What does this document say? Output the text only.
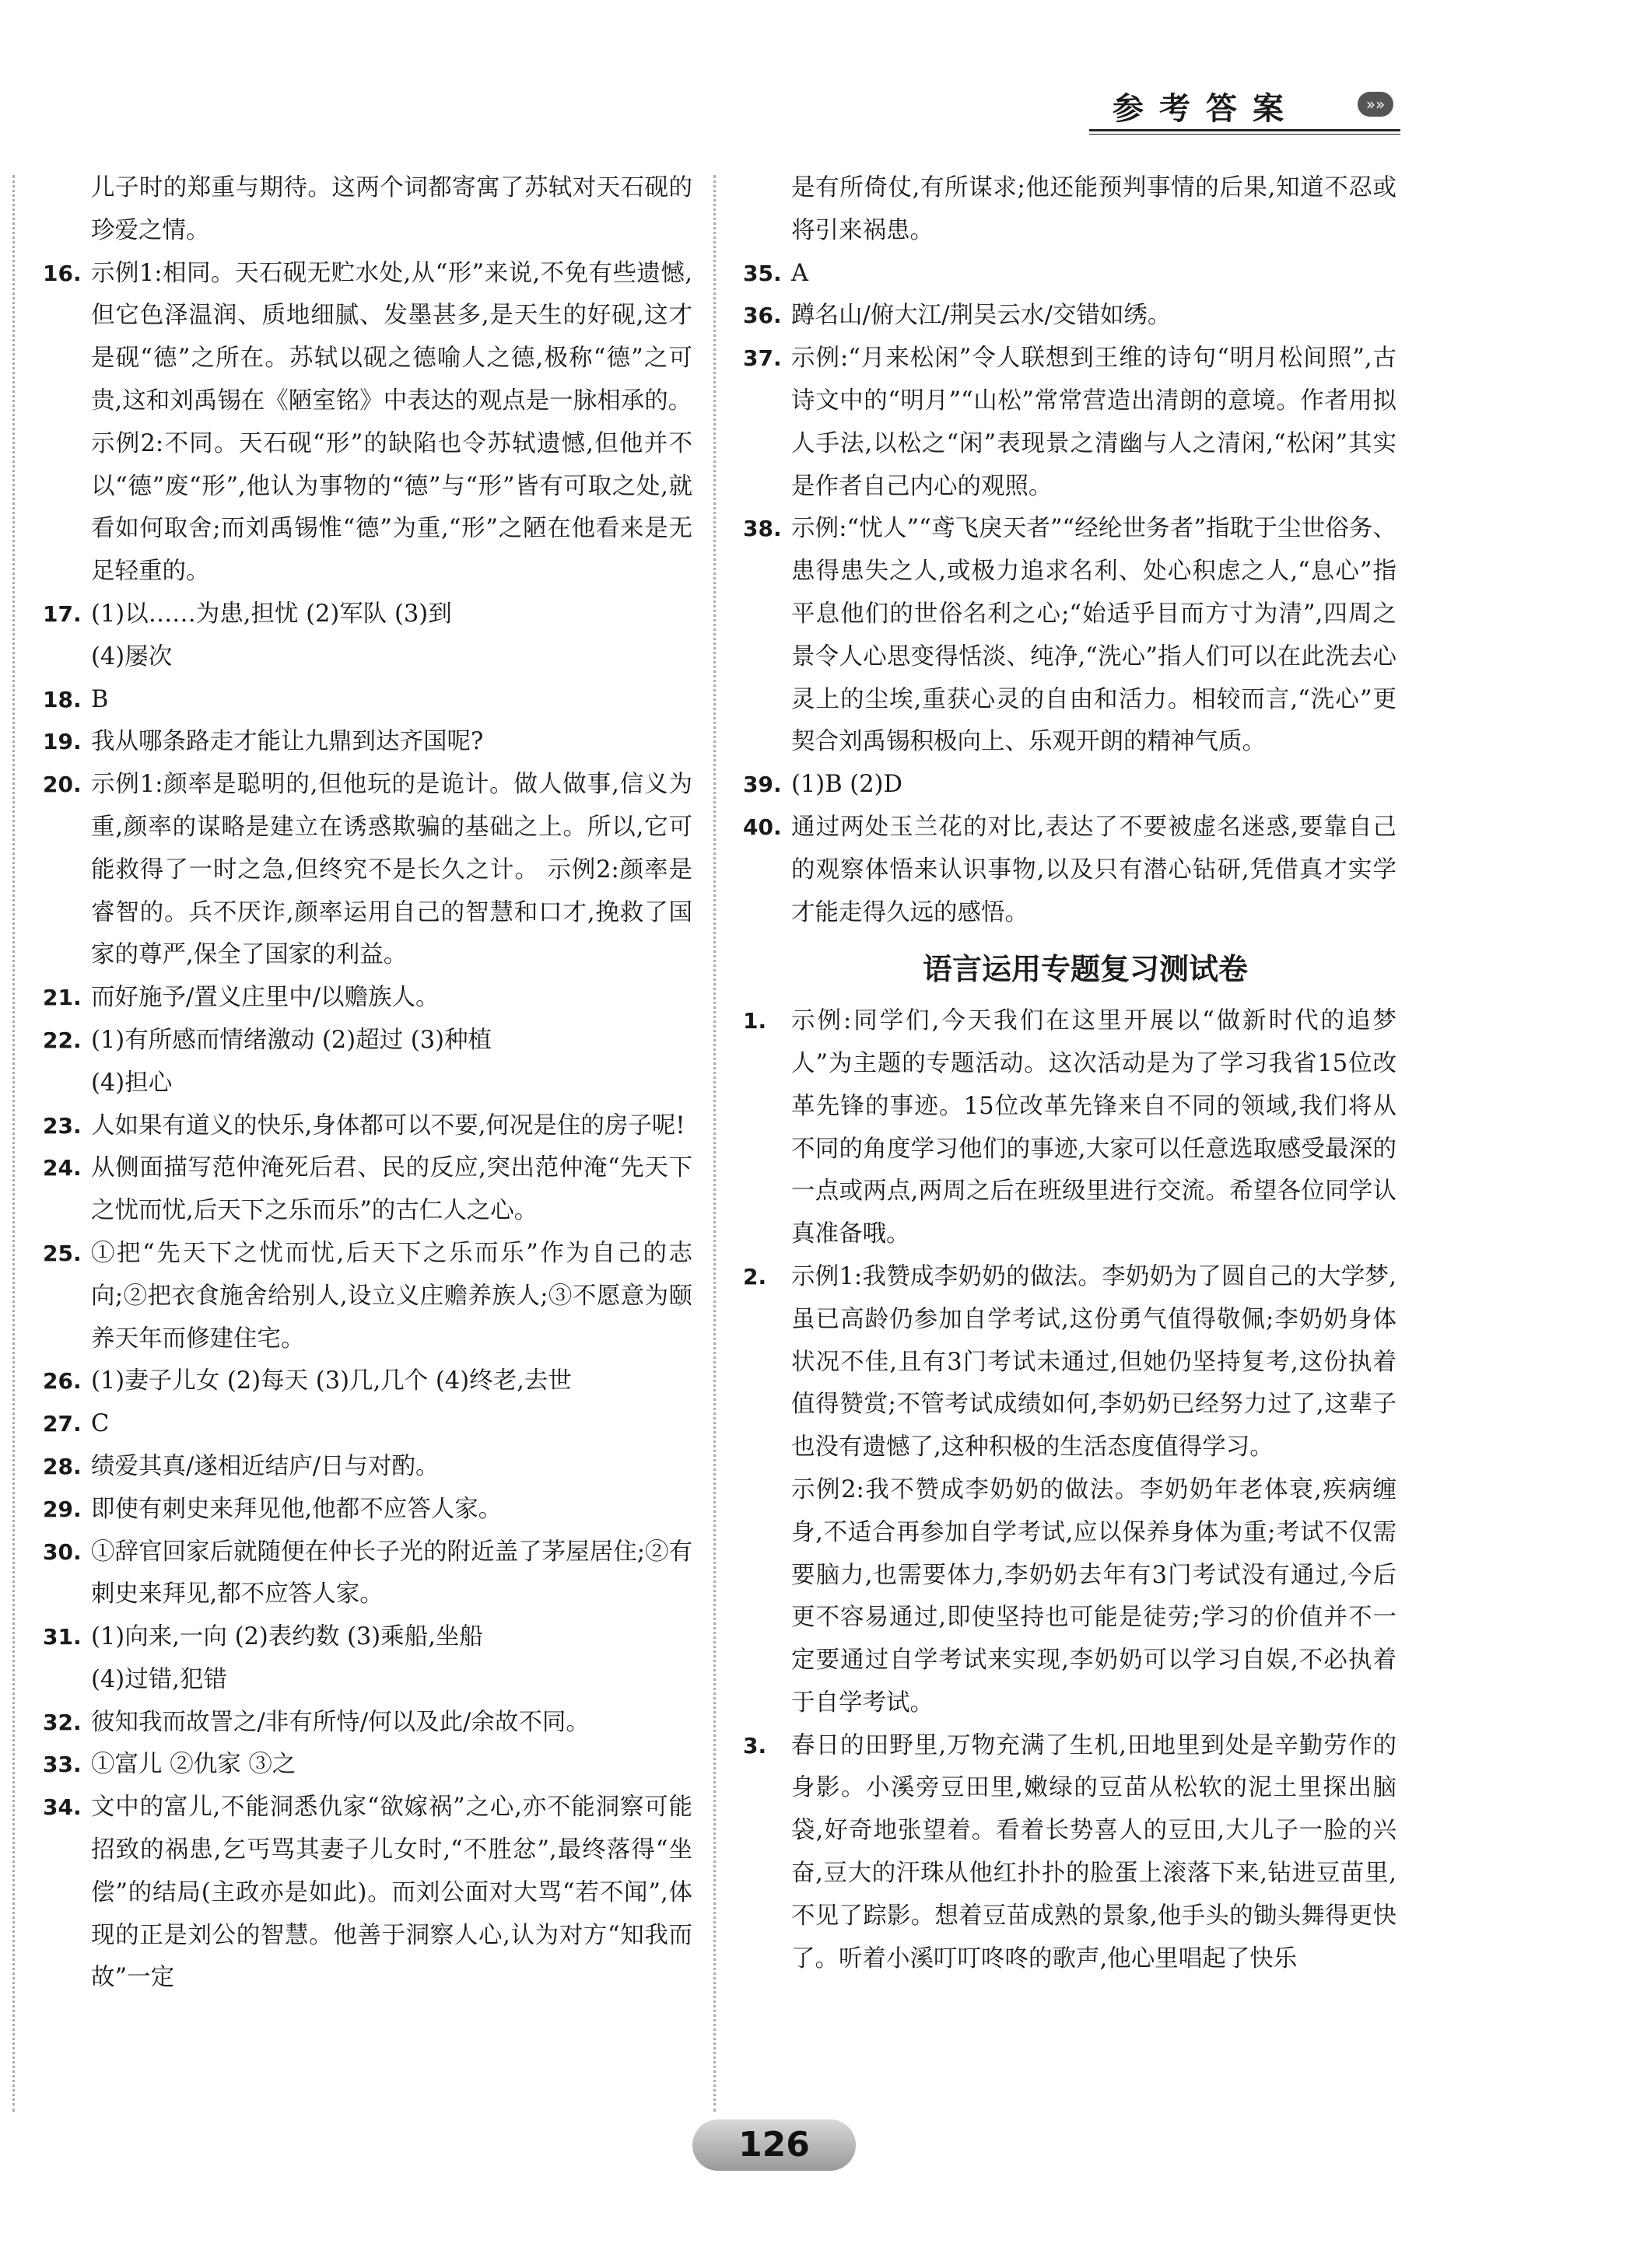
参考答案	»»
儿子时的郑重与期待。这两个词都寄寓了苏轼对天石砚的珍爱之情。
16. 示例1:相同。天石砚无贮水处,从“形”来说,不免有些遗憾,但它色泽温润、质地细腻、发墨甚多,是天生的好砚,这才是砚“德”之所在。苏轼以砚之德喻人之德,极称“德”之可贵,这和刘禹锡在《陋室铭》中表达的观点是一脉相承的。
示例2:不同。天石砚“形”的缺陷也令苏轼遗憾,但他并不以“德”废“形”,他认为事物的“德”与“形”皆有可取之处,就看如何取舍;而刘禹锡惟“德”为重,“形”之陋在他看来是无足轻重的。
17. (1)以……为患,担忧 (2)军队 (3)到
(4)屡次
18. B
19. 我从哪条路走才能让九鼎到达齐国呢?
20. 示例1:颜率是聪明的,但他玩的是诡计。做人做事,信义为重,颜率的谋略是建立在诱惑欺骗的基础之上。所以,它可能救得了一时之急,但终究不是长久之计。 示例2:颜率是睿智的。兵不厌诈,颜率运用自己的智慧和口才,挽救了国家的尊严,保全了国家的利益。
21. 而好施予/置义庄里中/以赡族人。
22. (1)有所感而情绪激动 (2)超过 (3)种植
(4)担心
23. 人如果有道义的快乐,身体都可以不要,何况是住的房子呢!
24. 从侧面描写范仲淹死后君、民的反应,突出范仲淹“先天下之忧而忧,后天下之乐而乐”的古仁人之心。
25. ①把“先天下之忧而忧,后天下之乐而乐”作为自己的志向;②把衣食施舍给别人,设立义庄赡养族人;③不愿意为颐养天年而修建住宅。
26. (1)妻子儿女 (2)每天 (3)几,几个 (4)终老,去世
27. C
28. 绩爱其真/遂相近结庐/日与对酌。
29. 即使有刺史来拜见他,他都不应答人家。
30. ①辞官回家后就随便在仲长子光的附近盖了茅屋居住;②有刺史来拜见,都不应答人家。
31. (1)向来,一向 (2)表约数 (3)乘船,坐船
(4)过错,犯错
32. 彼知我而故詈之/非有所恃/何以及此/余故不同。
33. ①富儿 ②仇家 ③之
34. 文中的富儿,不能洞悉仇家“欲嫁祸”之心,亦不能洞察可能招致的祸患,乞丐骂其妻子儿女时,“不胜忿”,最终落得“坐偿”的结局(主政亦是如此)。而刘公面对大骂“若不闻”,体现的正是刘公的智慧。他善于洞察人心,认为对方“知我而故”一定
是有所倚仗,有所谋求;他还能预判事情的后果,知道不忍或将引来祸患。
35. A
36. 蹲名山/俯大江/荆吴云水/交错如绣。
37. 示例:“月来松闲”令人联想到王维的诗句“明月松间照”,古诗文中的“明月”“山松”常常营造出清朗的意境。作者用拟人手法,以松之“闲”表现景之清幽与人之清闲,“松闲”其实是作者自己内心的观照。
38. 示例:“忧人”“鸢飞戾天者”“经纶世务者”指耽于尘世俗务、患得患失之人,或极力追求名利、处心积虑之人,“息心”指平息他们的世俗名利之心;“始适乎目而方寸为清”,四周之景令人心思变得恬淡、纯净,“洗心”指人们可以在此洗去心灵上的尘埃,重获心灵的自由和活力。相较而言,“洗心”更契合刘禹锡积极向上、乐观开朗的精神气质。
39. (1)B (2)D
40. 通过两处玉兰花的对比,表达了不要被虚名迷惑,要靠自己的观察体悟来认识事物,以及只有潜心钻研,凭借真才实学才能走得久远的感悟。
语言运用专题复习测试卷
1.	示例:同学们,今天我们在这里开展以“做新时代的追梦人”为主题的专题活动。这次活动是为了学习我省15位改革先锋的事迹。15位改革先锋来自不同的领域,我们将从不同的角度学习他们的事迹,大家可以任意选取感受最深的一点或两点,两周之后在班级里进行交流。希望各位同学认真准备哦。
2.	示例1:我赞成李奶奶的做法。李奶奶为了圆自己的大学梦,虽已高龄仍参加自学考试,这份勇气值得敬佩;李奶奶身体状况不佳,且有3门考试未通过,但她仍坚持复考,这份执着值得赞赏;不管考试成绩如何,李奶奶已经努力过了,这辈子也没有遗憾了,这种积极的生活态度值得学习。
示例2:我不赞成李奶奶的做法。李奶奶年老体衰,疾病缠身,不适合再参加自学考试,应以保养身体为重;考试不仅需要脑力,也需要体力,李奶奶去年有3门考试没有通过,今后更不容易通过,即使坚持也可能是徒劳;学习的价值并不一定要通过自学考试来实现,李奶奶可以学习自娱,不必执着于自学考试。
3.	春日的田野里,万物充满了生机,田地里到处是辛勤劳作的身影。小溪旁豆田里,嫩绿的豆苗从松软的泥土里探出脑袋,好奇地张望着。看着长势喜人的豆田,大儿子一脸的兴奋,豆大的汗珠从他红扑扑的脸蛋上滚落下来,钻进豆苗里,不见了踪影。想着豆苗成熟的景象,他手头的锄头舞得更快了。听着小溪叮叮咚咚的歌声,他心里唱起了快乐
126
